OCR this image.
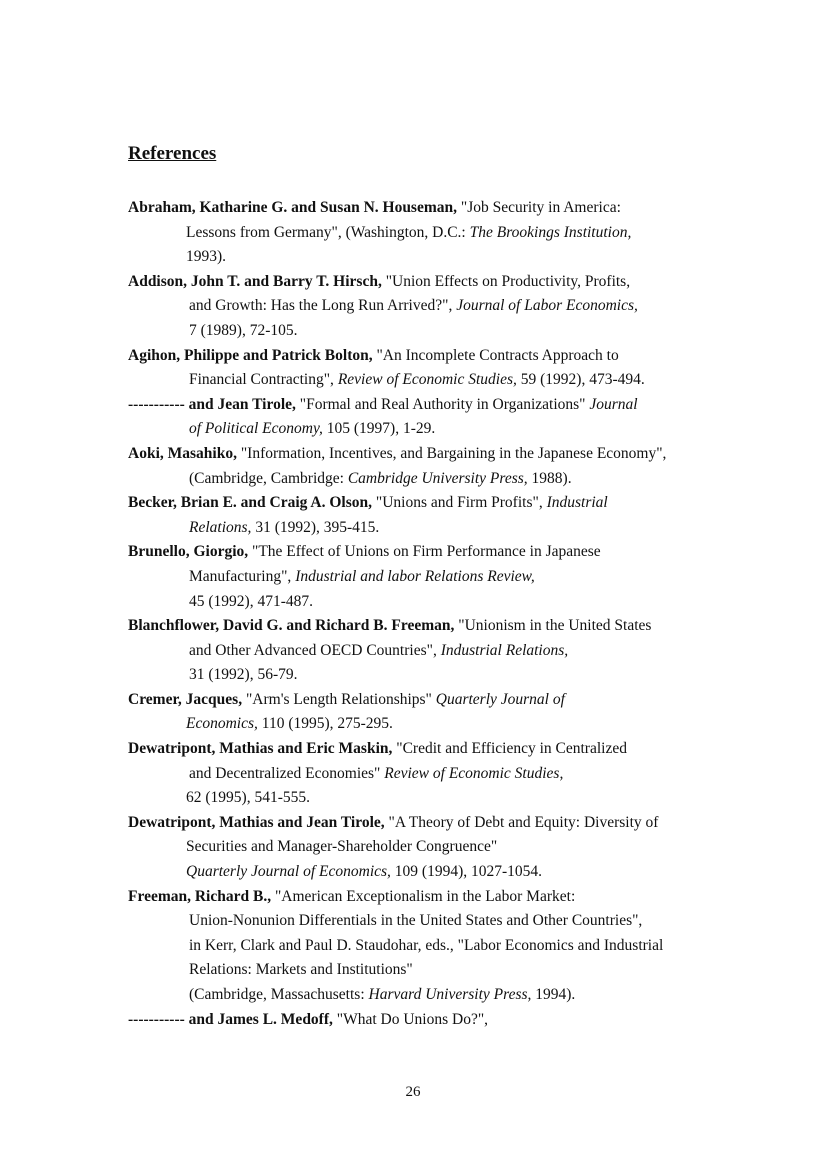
References
Abraham, Katharine G. and Susan N. Houseman, "Job Security in America:
Lessons from Germany", (Washington, D.C.: The Brookings Institution,
1993).
Addison, John T. and Barry T. Hirsch, "Union Effects on Productivity, Profits,
and Growth: Has the Long Run Arrived?", Journal of Labor Economics,
7 (1989), 72-105.
Agihon, Philippe and Patrick Bolton, "An Incomplete Contracts Approach to
Financial Contracting", Review of Economic Studies, 59 (1992), 473-494.
----------- and Jean Tirole, "Formal and Real Authority in Organizations" Journal
of Political Economy, 105 (1997), 1-29.
Aoki, Masahiko, "Information, Incentives, and Bargaining in the Japanese Economy",
(Cambridge, Cambridge: Cambridge University Press, 1988).
Becker, Brian E. and Craig A. Olson, "Unions and Firm Profits", Industrial
Relations, 31 (1992), 395-415.
Brunello, Giorgio, "The Effect of Unions on Firm Performance in Japanese
Manufacturing", Industrial and labor Relations Review,
45 (1992), 471-487.
Blanchflower, David G. and Richard B. Freeman, "Unionism in the United States
and Other Advanced OECD Countries", Industrial Relations,
31 (1992), 56-79.
Cremer, Jacques, "Arm's Length Relationships" Quarterly Journal of
Economics, 110 (1995), 275-295.
Dewatripont, Mathias and Eric Maskin, "Credit and Efficiency in Centralized
and Decentralized Economies" Review of Economic Studies,
62 (1995), 541-555.
Dewatripont, Mathias and Jean Tirole, "A Theory of Debt and Equity: Diversity of
Securities and Manager-Shareholder Congruence"
Quarterly Journal of Economics, 109 (1994), 1027-1054.
Freeman, Richard B., "American Exceptionalism in the Labor Market:
Union-Nonunion Differentials in the United States and Other Countries",
in Kerr, Clark and Paul D. Staudohar, eds., "Labor Economics and Industrial
Relations: Markets and Institutions"
(Cambridge, Massachusetts: Harvard University Press, 1994).
----------- and James L. Medoff, "What Do Unions Do?",
26
